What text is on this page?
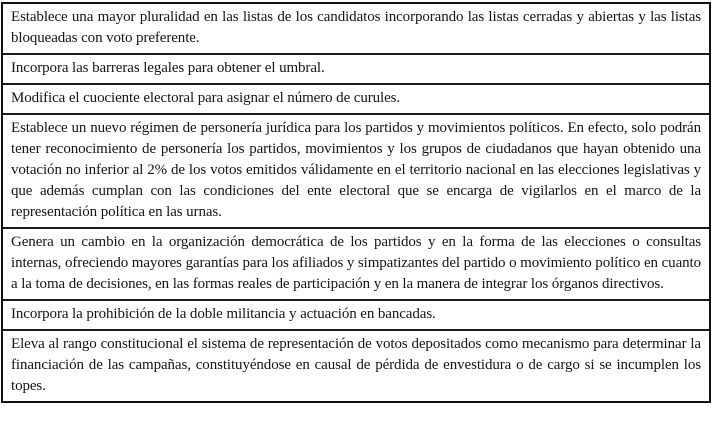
Establece una mayor pluralidad en las listas de los candidatos incorporando las listas cerradas y abiertas y las listas bloqueadas con voto preferente.

Incorpora las barreras legales para obtener el umbral.

Modifica el cuociente electoral para asignar el número de curules.

Establece un nuevo régimen de personería jurídica para los partidos y movimientos políticos. En efecto, solo podrán tener reconocimiento de personería los partidos, movimientos y los grupos de ciudadanos que hayan obtenido una votación no inferior al 2% de los votos emitidos válidamente en el territorio nacional en las elecciones legislativas y que además cumplan con las condiciones del ente electoral que se encarga de vigilarlos en el marco de la representación política en las urnas.

Genera un cambio en la organización democrática de los partidos y en la forma de las elecciones o consultas internas, ofreciendo mayores garantías para los afiliados y simpatizantes del partido o movimiento político en cuanto a la toma de decisiones, en las formas reales de participación y en la manera de integrar los órganos directivos.

Incorpora la prohibición de la doble militancia y actuación en bancadas.

Eleva al rango constitucional el sistema de representación de votos depositados como mecanismo para determinar la financiación de las campañas, constituyéndose en causal de pérdida de envestidura o de cargo si se incumplen los topes.
